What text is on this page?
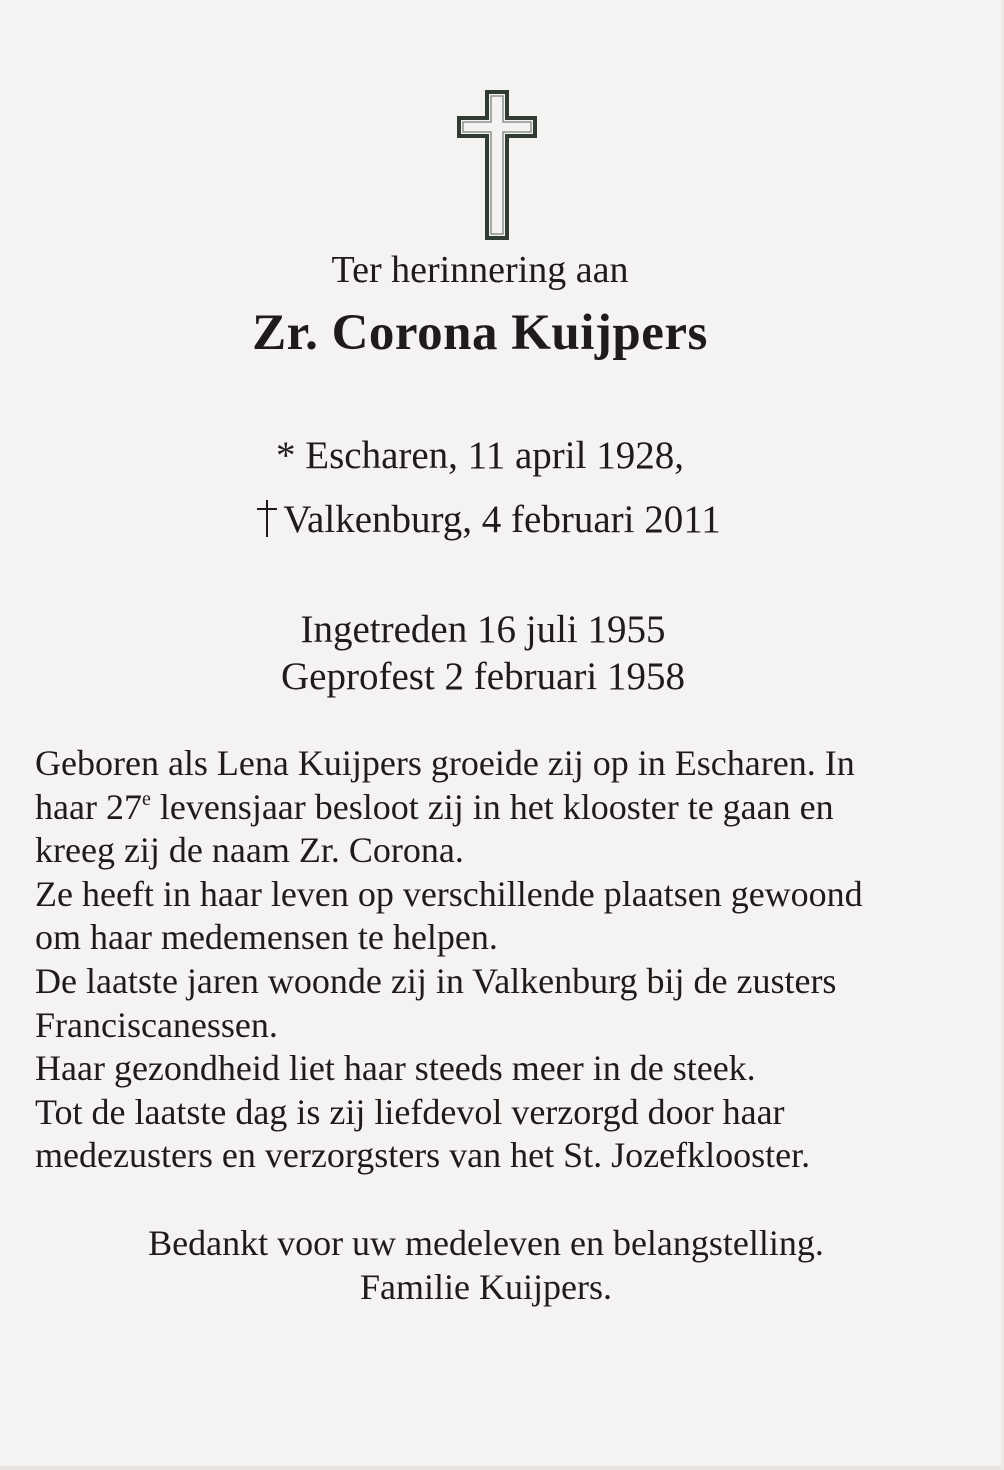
Ter herinnering aan
Zr. Corona Kuijpers
* Escharen, 11 april 1928,
Valkenburg, 4 februari 2011
Ingetreden 16 juli 1955
Geprofest 2 februari 1958
Geboren als Lena Kuijpers groeide zij op in Escharen. In
haar 27e levensjaar besloot zij in het klooster te gaan en
kreeg zij de naam Zr. Corona.
Ze heeft in haar leven op verschillende plaatsen gewoond
om haar medemensen te helpen.
De laatste jaren woonde zij in Valkenburg bij de zusters
Franciscanessen.
Haar gezondheid liet haar steeds meer in de steek.
Tot de laatste dag is zij liefdevol verzorgd door haar
medezusters en verzorgsters van het St. Jozefklooster.
Bedankt voor uw medeleven en belangstelling.
Familie Kuijpers.
